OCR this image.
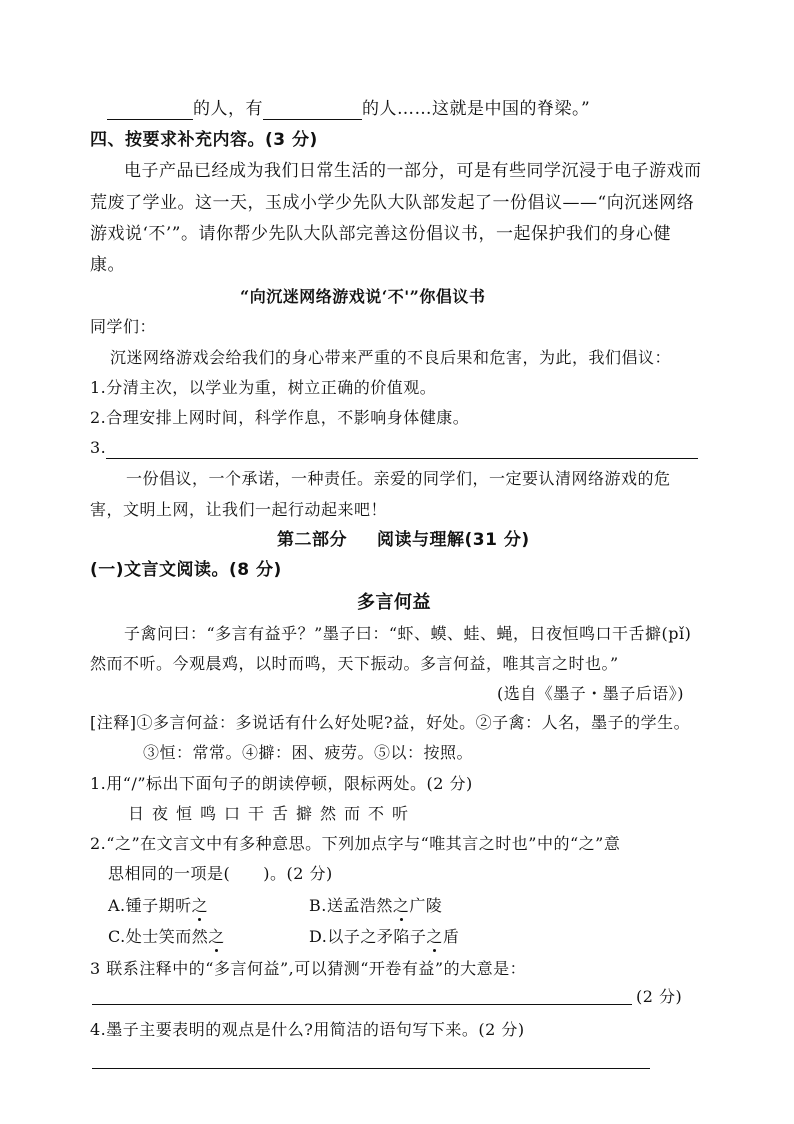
的人，有	的人……这就是中国的脊梁。”
四、按要求补充内容。(3 分)
电子产品已经成为我们日常生活的一部分，可是有些同学沉浸于电子游戏而
荒废了学业。这一天，玉成小学少先队大队部发起了一份倡议——“向沉迷网络
游戏说‘不’”。请你帮少先队大队部完善这份倡议书，一起保护我们的身心健
康。
“向沉迷网络游戏说‘不'”你倡议书
同学们：
沉迷网络游戏会给我们的身心带来严重的不良后果和危害，为此，我们倡议：
1.分清主次，以学业为重，树立正确的价值观。
2.合理安排上网时间，科学作息，不影响身体健康。
3.
一份倡议，一个承诺，一种责任。亲爱的同学们，一定要认清网络游戏的危
害，文明上网，让我们一起行动起来吧！
第二部分 阅读与理解(31 分)
(一)文言文阅读。(8 分)
多言何益
子禽问曰：“多言有益乎？”墨子曰：“虾、蟆、蛙、蝇，日夜恒鸣口干舌擗(pǐ)
然而不听。今观晨鸡，以时而鸣，天下振动。多言何益，唯其言之时也。”
(选自《墨子・墨子后语》)
[注释]①多言何益：多说话有什么好处呢?益，好处。②子禽：人名，墨子的学生。
③恒：常常。④擗：困、疲劳。⑤以：按照。
1.用“/”标出下面句子的朗读停顿，限标两处。(2 分)
日夜恒鸣口干舌擗然而不听
2.“之”在文言文中有多种意思。下列加点字与“唯其言之时也”中的“之”意
思相同的一项是(　　)。(2 分)
A.锺子期听之	B.送孟浩然之广陵
C.处士笑而然之	D.以子之矛陷子之盾
3 联系注释中的“多言何益”,可以猜测“开卷有益”的大意是：
(2 分)
4.墨子主要表明的观点是什么?用简洁的语句写下来。(2 分)
